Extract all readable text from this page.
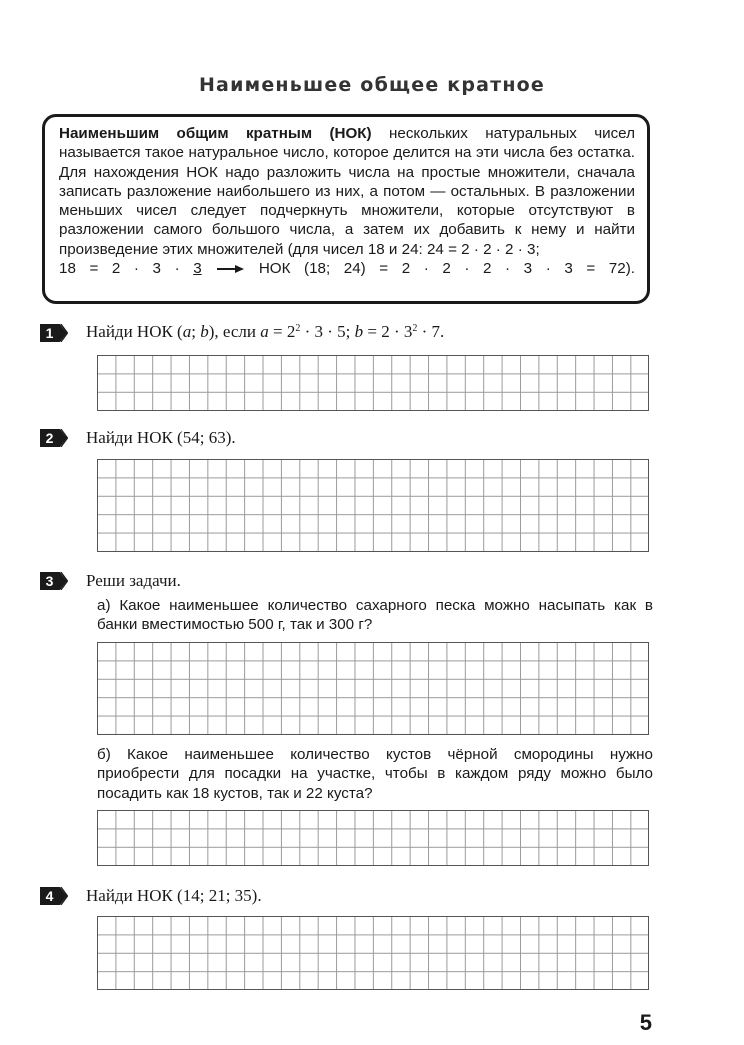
Наименьшее общее кратное

Наименьшим общим кратным (НОК) нескольких натуральных чисел называется такое натуральное число, которое делится на эти числа без остатка. Для нахождения НОК надо разложить числа на простые множители, сначала записать разложение наибольшего из них, а потом — остальных. В разложении меньших чисел следует подчеркнуть множители, которые отсутствуют в разложении самого большого числа, а затем их добавить к нему и найти произведение этих множителей (для чисел 18 и 24: 24 = 2 · 2 · 2 · 3;

18 = 2 · 3 · 3	НОК (18; 24) = 2 · 2 · 2 · 3 · 3 = 72).

1 Найди НОК (a; b), если $a = 2^2 \cdot 3 \cdot 5$; $b = 2 \cdot 3^2 \cdot 7$.
2 Найди НОК (54; 63).
3 Реши задачи.
а) Какое наименьшее количество сахарного песка можно насыпать как в банки вместимостью 500 г, так и 300 г?
б) Какое наименьшее количество кустов чёрной смородины нужно приобрести для посадки на участке, чтобы в каждом ряду можно было посадить как 18 кустов, так и 22 куста?
4 Найди НОК (14; 21; 35).
5
